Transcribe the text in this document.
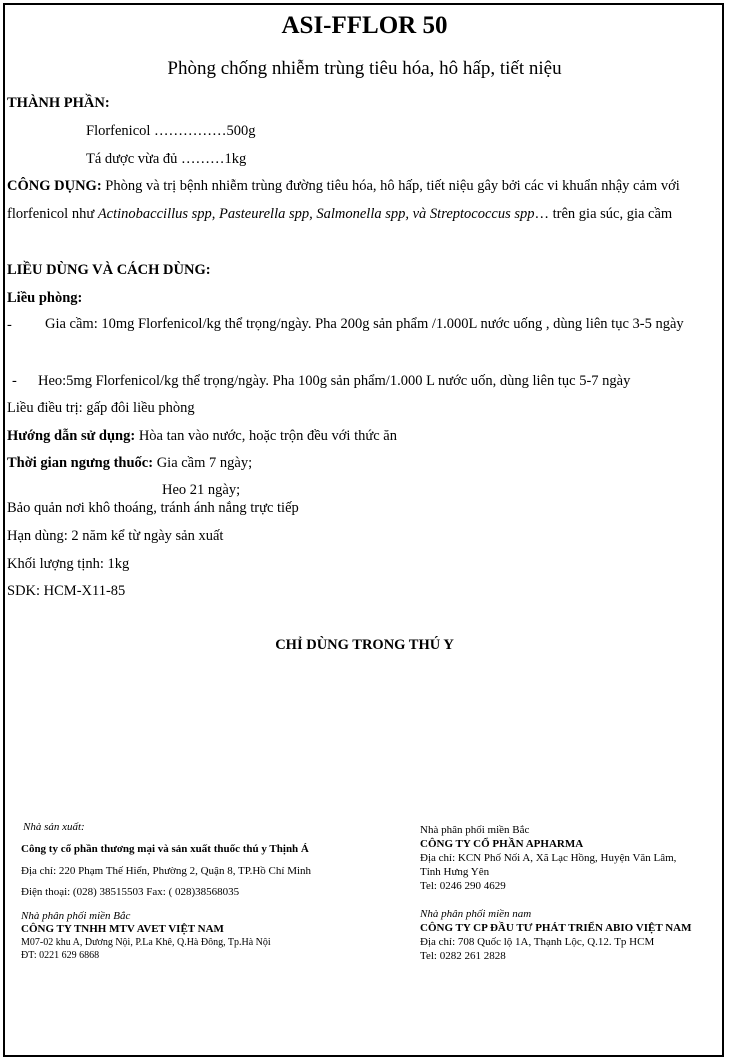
ASI-FFLOR 50
Phòng chống nhiễm trùng tiêu hóa, hô hấp, tiết niệu
THÀNH PHẦN:
Florfenicol ……………500g
Tá dược vừa đủ ………1kg
CÔNG DỤNG: Phòng và trị bệnh nhiễm trùng đường tiêu hóa, hô hấp, tiết niệu gây bởi các vi khuẩn nhậy cảm với florfenicol như Actinobaccillus spp, Pasteurella spp, Salmonella spp, và Streptococcus spp… trên gia súc, gia cầm
LIỀU DÙNG VÀ CÁCH DÙNG:
Liều phòng:
-	Gia cầm: 10mg Florfenicol/kg thể trọng/ngày. Pha 200g sản phẩm /1.000L nước uống , dùng liên tục 3-5 ngày
- Heo:5mg Florfenicol/kg thể trọng/ngày. Pha 100g sản phẩm/1.000 L nước uốn, dùng liên tục 5-7 ngày
Liều điều trị: gấp đôi liều phòng
Hướng dẫn sử dụng: Hòa tan vào nước, hoặc trộn đều với thức ăn
Thời gian ngưng thuốc: Gia cầm 7 ngày;
Heo 21 ngày;
Bảo quản nơi khô thoáng, tránh ánh nắng trực tiếp
Hạn dùng: 2 năm kể từ ngày sản xuất
Khối lượng tịnh: 1kg
SDK: HCM-X11-85
CHỈ DÙNG TRONG THÚ Y
Nhà sản xuất:
Công ty cổ phần thương mại và sản xuất thuốc thú y Thịnh Á
Địa chỉ: 220 Phạm Thế Hiển, Phường 2, Quận 8, TP.Hồ Chí Minh
Điện thoại: (028) 38515503 Fax: ( 028)38568035
Nhà phân phối miền Bắc
CÔNG TY TNHH MTV AVET VIỆT NAM
M07-02 khu A, Dương Nội, P.La Khê, Q.Hà Đông, Tp.Hà Nội
ĐT: 0221 629 6868
Nhà phân phối miền Bắc
CÔNG TY CỔ PHẦN APHARMA
Địa chỉ: KCN Phố Nối A, Xã Lạc Hồng, Huyện Văn Lâm,
Tỉnh Hưng Yên
Tel: 0246 290 4629
Nhà phân phối miền nam
CÔNG TY CP ĐẦU TƯ PHÁT TRIỂN ABIO VIỆT NAM
Địa chỉ: 708 Quốc lộ 1A, Thạnh Lộc, Q.12. Tp HCM
Tel: 0282 261 2828
